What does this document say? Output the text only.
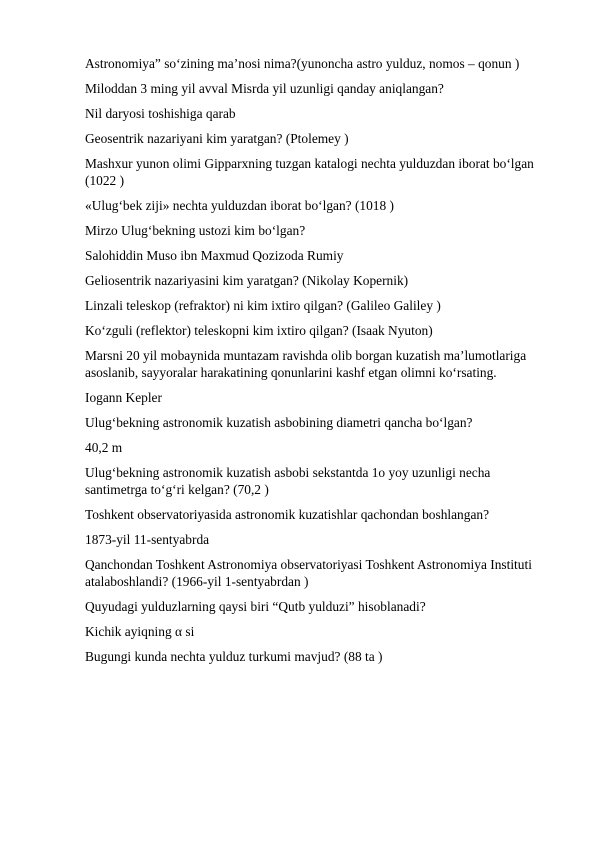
Astronomiya” so‘zining ma’nosi nima?(yunoncha astro yulduz, nomos – qonun )

Miloddan 3 ming yil avval Misrda yil uzunligi qanday aniqlangan?

Nil daryosi toshishiga qarab

Geosentrik nazariyani kim yaratgan? (Ptolemey )

Mashxur yunon olimi Gipparxning tuzgan katalogi nechta yulduzdan iborat bo‘lgan (1022 )

«Ulug‘bek ziji» nechta yulduzdan iborat bo‘lgan? (1018 )

Mirzo Ulug‘bekning ustozi kim bo‘lgan?

Salohiddin Muso ibn Maxmud Qozizoda Rumiy

Geliosentrik nazariyasini kim yaratgan? (Nikolay Kopernik)

Linzali teleskop (refraktor) ni kim ixtiro qilgan? (Galileo Galiley )

Ko‘zguli (reflektor) teleskopni kim ixtiro qilgan? (Isaak Nyuton)

Marsni 20 yil mobaynida muntazam ravishda olib borgan kuzatish ma’lumotlariga asoslanib, sayyoralar harakatining qonunlarini kashf etgan olimni ko‘rsating.

Iogann Kepler

Ulug‘bekning astronomik kuzatish asbobining diametri qancha bo‘lgan?

40,2 m

Ulug‘bekning astronomik kuzatish asbobi sekstantda 1o yoy uzunligi necha santimetrga to‘g‘ri kelgan? (70,2 )

Toshkent observatoriyasida astronomik kuzatishlar qachondan boshlangan?

1873-yil 11-sentyabrda

Qanchondan Toshkent Astronomiya observatoriyasi Toshkent Astronomiya Instituti atalaboshlandi? (1966-yil 1-sentyabrdan )

Quyudagi yulduzlarning qaysi biri “Qutb yulduzi” hisoblanadi?

Kichik ayiqning α si

Bugungi kunda nechta yulduz turkumi mavjud? (88 ta )
